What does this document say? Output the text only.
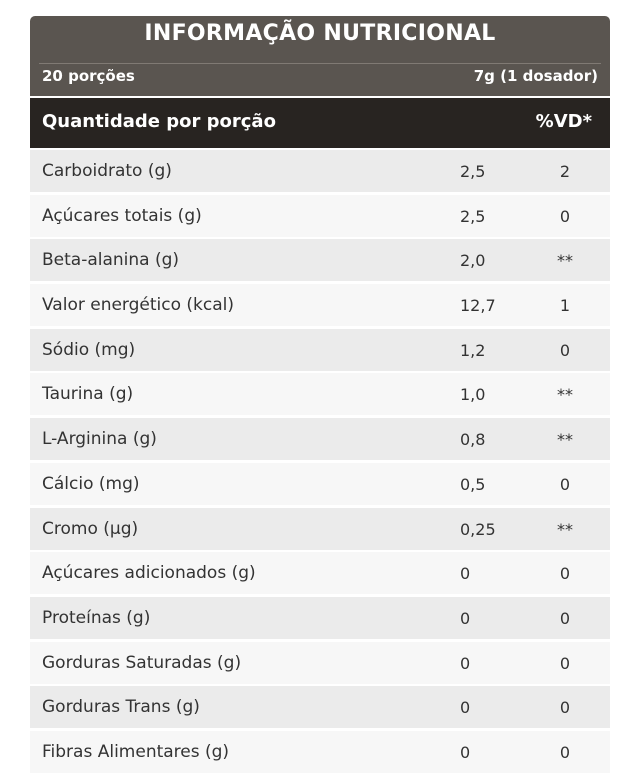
INFORMAÇÃO NUTRICIONAL
20 porções	7g (1 dosador)
Quantidade por porção	%VD*
Carboidrato (g)	2,5	2
Açúcares totais (g)	2,5	0
Beta-alanina (g)	2,0	**
Valor energético (kcal)	12,7	1
Sódio (mg)	1,2	0
Taurina (g)	1,0	**
L-Arginina (g)	0,8	**
Cálcio (mg)	0,5	0
Cromo (µg)	0,25	**
Açúcares adicionados (g)	0	0
Proteínas (g)	0	0
Gorduras Saturadas (g)	0	0
Gorduras Trans (g)	0	0
Fibras Alimentares (g)	0	0
